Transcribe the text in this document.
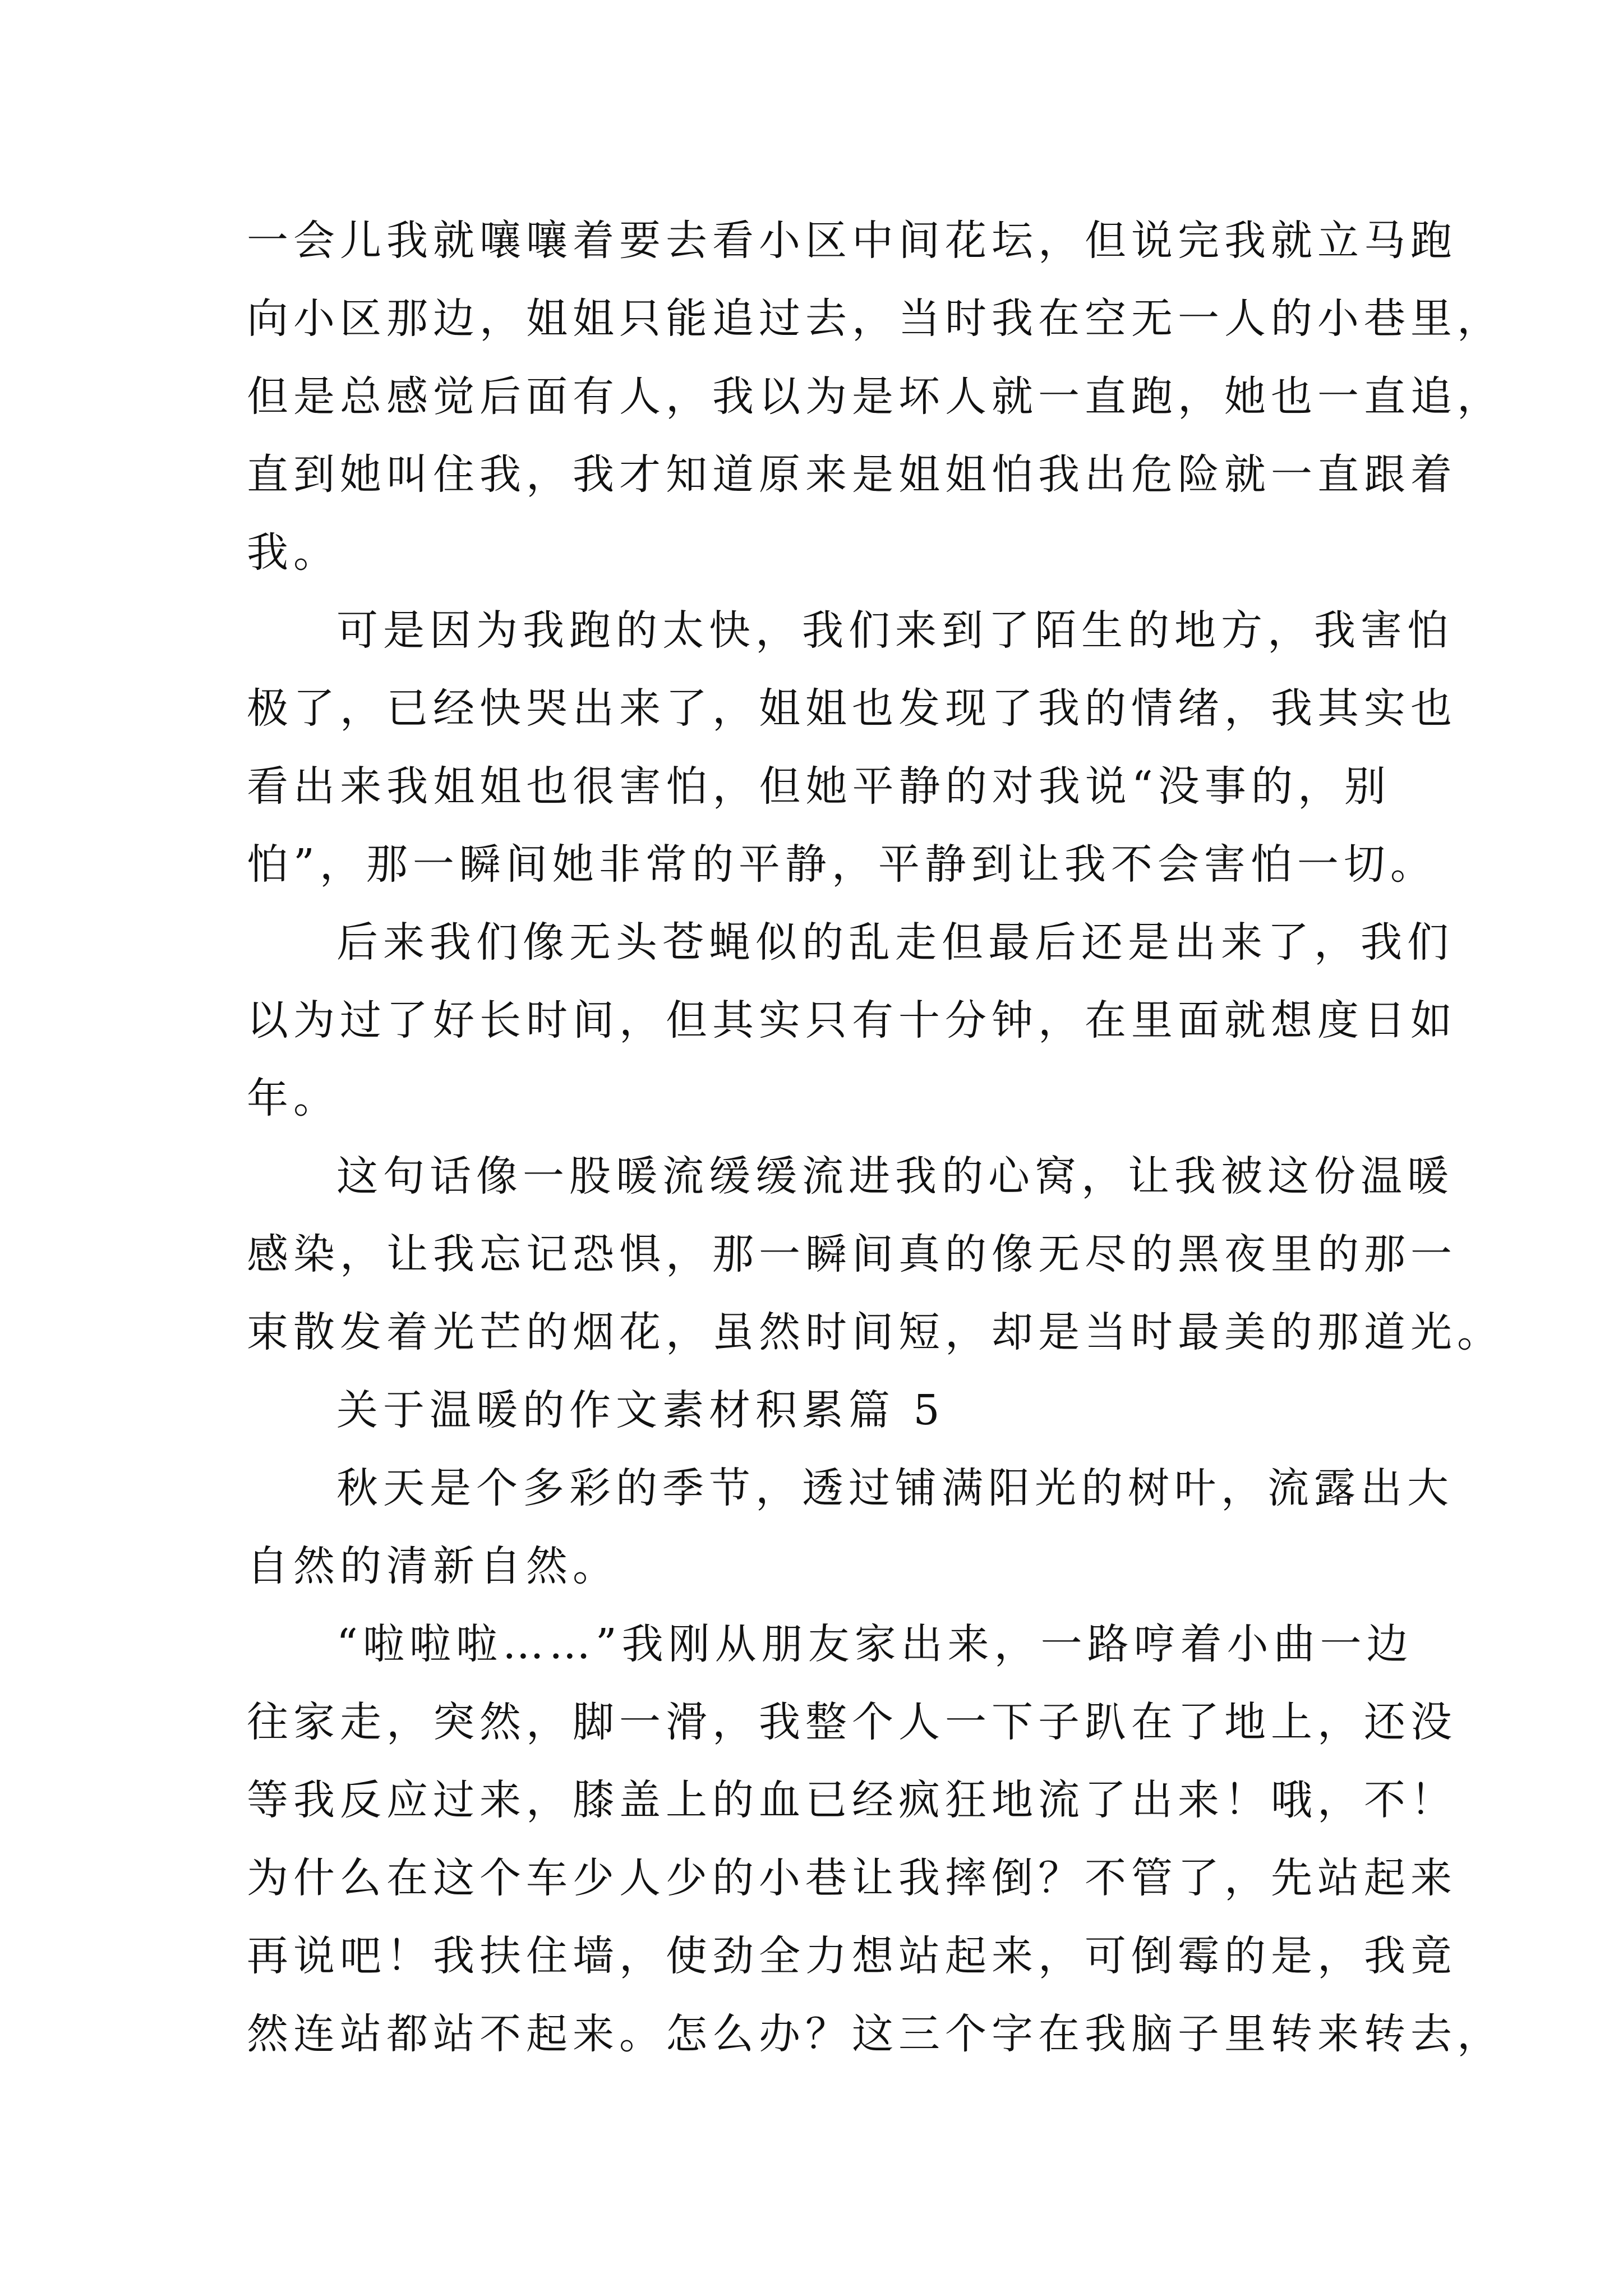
一会儿我就嚷嚷着要去看小区中间花坛，但说完我就立马跑
向小区那边，姐姐只能追过去，当时我在空无一人的小巷里，
但是总感觉后面有人，我以为是坏人就一直跑，她也一直追，
直到她叫住我，我才知道原来是姐姐怕我出危险就一直跟着
我。
可是因为我跑的太快，我们来到了陌生的地方，我害怕
极了，已经快哭出来了，姐姐也发现了我的情绪，我其实也
看出来我姐姐也很害怕，但她平静的对我说“没事的，别
怕”，那一瞬间她非常的平静，平静到让我不会害怕一切。
后来我们像无头苍蝇似的乱走但最后还是出来了，我们
以为过了好长时间，但其实只有十分钟，在里面就想度日如
年。
这句话像一股暖流缓缓流进我的心窝，让我被这份温暖
感染，让我忘记恐惧，那一瞬间真的像无尽的黑夜里的那一
束散发着光芒的烟花，虽然时间短，却是当时最美的那道光。
关于温暖的作文素材积累篇 5
秋天是个多彩的季节，透过铺满阳光的树叶，流露出大
自然的清新自然。
“啦啦啦……”我刚从朋友家出来，一路哼着小曲一边
往家走，突然，脚一滑，我整个人一下子趴在了地上，还没
等我反应过来，膝盖上的血已经疯狂地流了出来！哦，不！
为什么在这个车少人少的小巷让我摔倒？不管了，先站起来
再说吧！我扶住墙，使劲全力想站起来，可倒霉的是，我竟
然连站都站不起来。怎么办？这三个字在我脑子里转来转去，
